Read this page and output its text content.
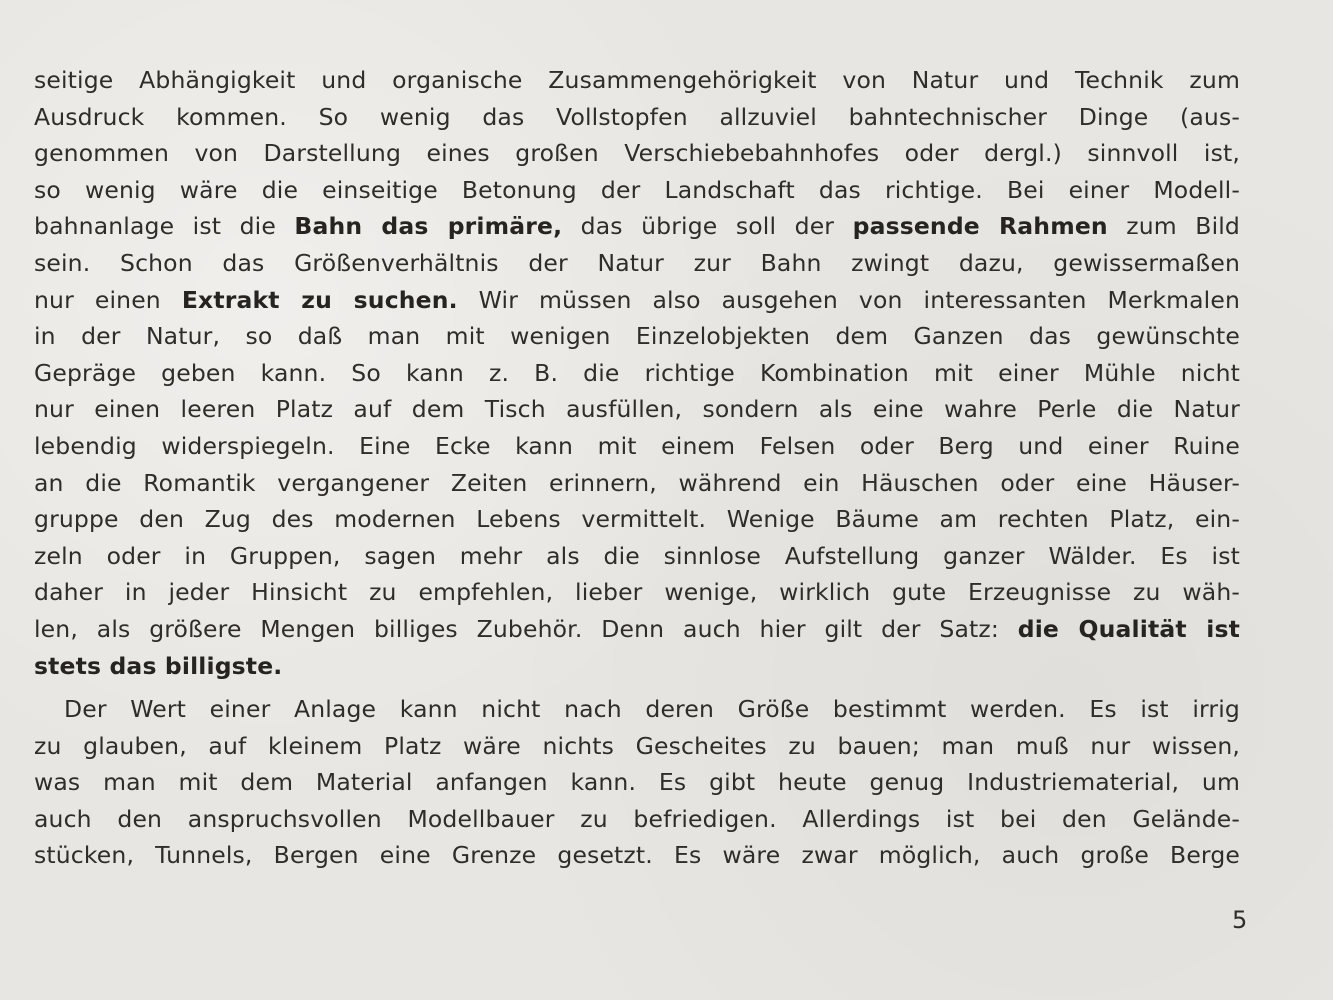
seitige Abhängigkeit und organische Zusammengehörigkeit von Natur und Technik zum
Ausdruck kommen. So wenig das Vollstopfen allzuviel bahntechnischer Dinge (aus-
genommen von Darstellung eines großen Verschiebebahnhofes oder dergl.) sinnvoll ist,
so wenig wäre die einseitige Betonung der Landschaft das richtige. Bei einer Modell-
bahnanlage ist die Bahn das primäre, das übrige soll der passende Rahmen zum Bild
sein. Schon das Größenverhältnis der Natur zur Bahn zwingt dazu, gewissermaßen
nur einen Extrakt zu suchen. Wir müssen also ausgehen von interessanten Merkmalen
in der Natur, so daß man mit wenigen Einzelobjekten dem Ganzen das gewünschte
Gepräge geben kann. So kann z. B. die richtige Kombination mit einer Mühle nicht
nur einen leeren Platz auf dem Tisch ausfüllen, sondern als eine wahre Perle die Natur
lebendig widerspiegeln. Eine Ecke kann mit einem Felsen oder Berg und einer Ruine
an die Romantik vergangener Zeiten erinnern, während ein Häuschen oder eine Häuser-
gruppe den Zug des modernen Lebens vermittelt. Wenige Bäume am rechten Platz, ein-
zeln oder in Gruppen, sagen mehr als die sinnlose Aufstellung ganzer Wälder. Es ist
daher in jeder Hinsicht zu empfehlen, lieber wenige, wirklich gute Erzeugnisse zu wäh-
len, als größere Mengen billiges Zubehör. Denn auch hier gilt der Satz: die Qualität ist
stets das billigste.
Der Wert einer Anlage kann nicht nach deren Größe bestimmt werden. Es ist irrig
zu glauben, auf kleinem Platz wäre nichts Gescheites zu bauen; man muß nur wissen,
was man mit dem Material anfangen kann. Es gibt heute genug Industriematerial, um
auch den anspruchsvollen Modellbauer zu befriedigen. Allerdings ist bei den Gelände-
stücken, Tunnels, Bergen eine Grenze gesetzt. Es wäre zwar möglich, auch große Berge
5
